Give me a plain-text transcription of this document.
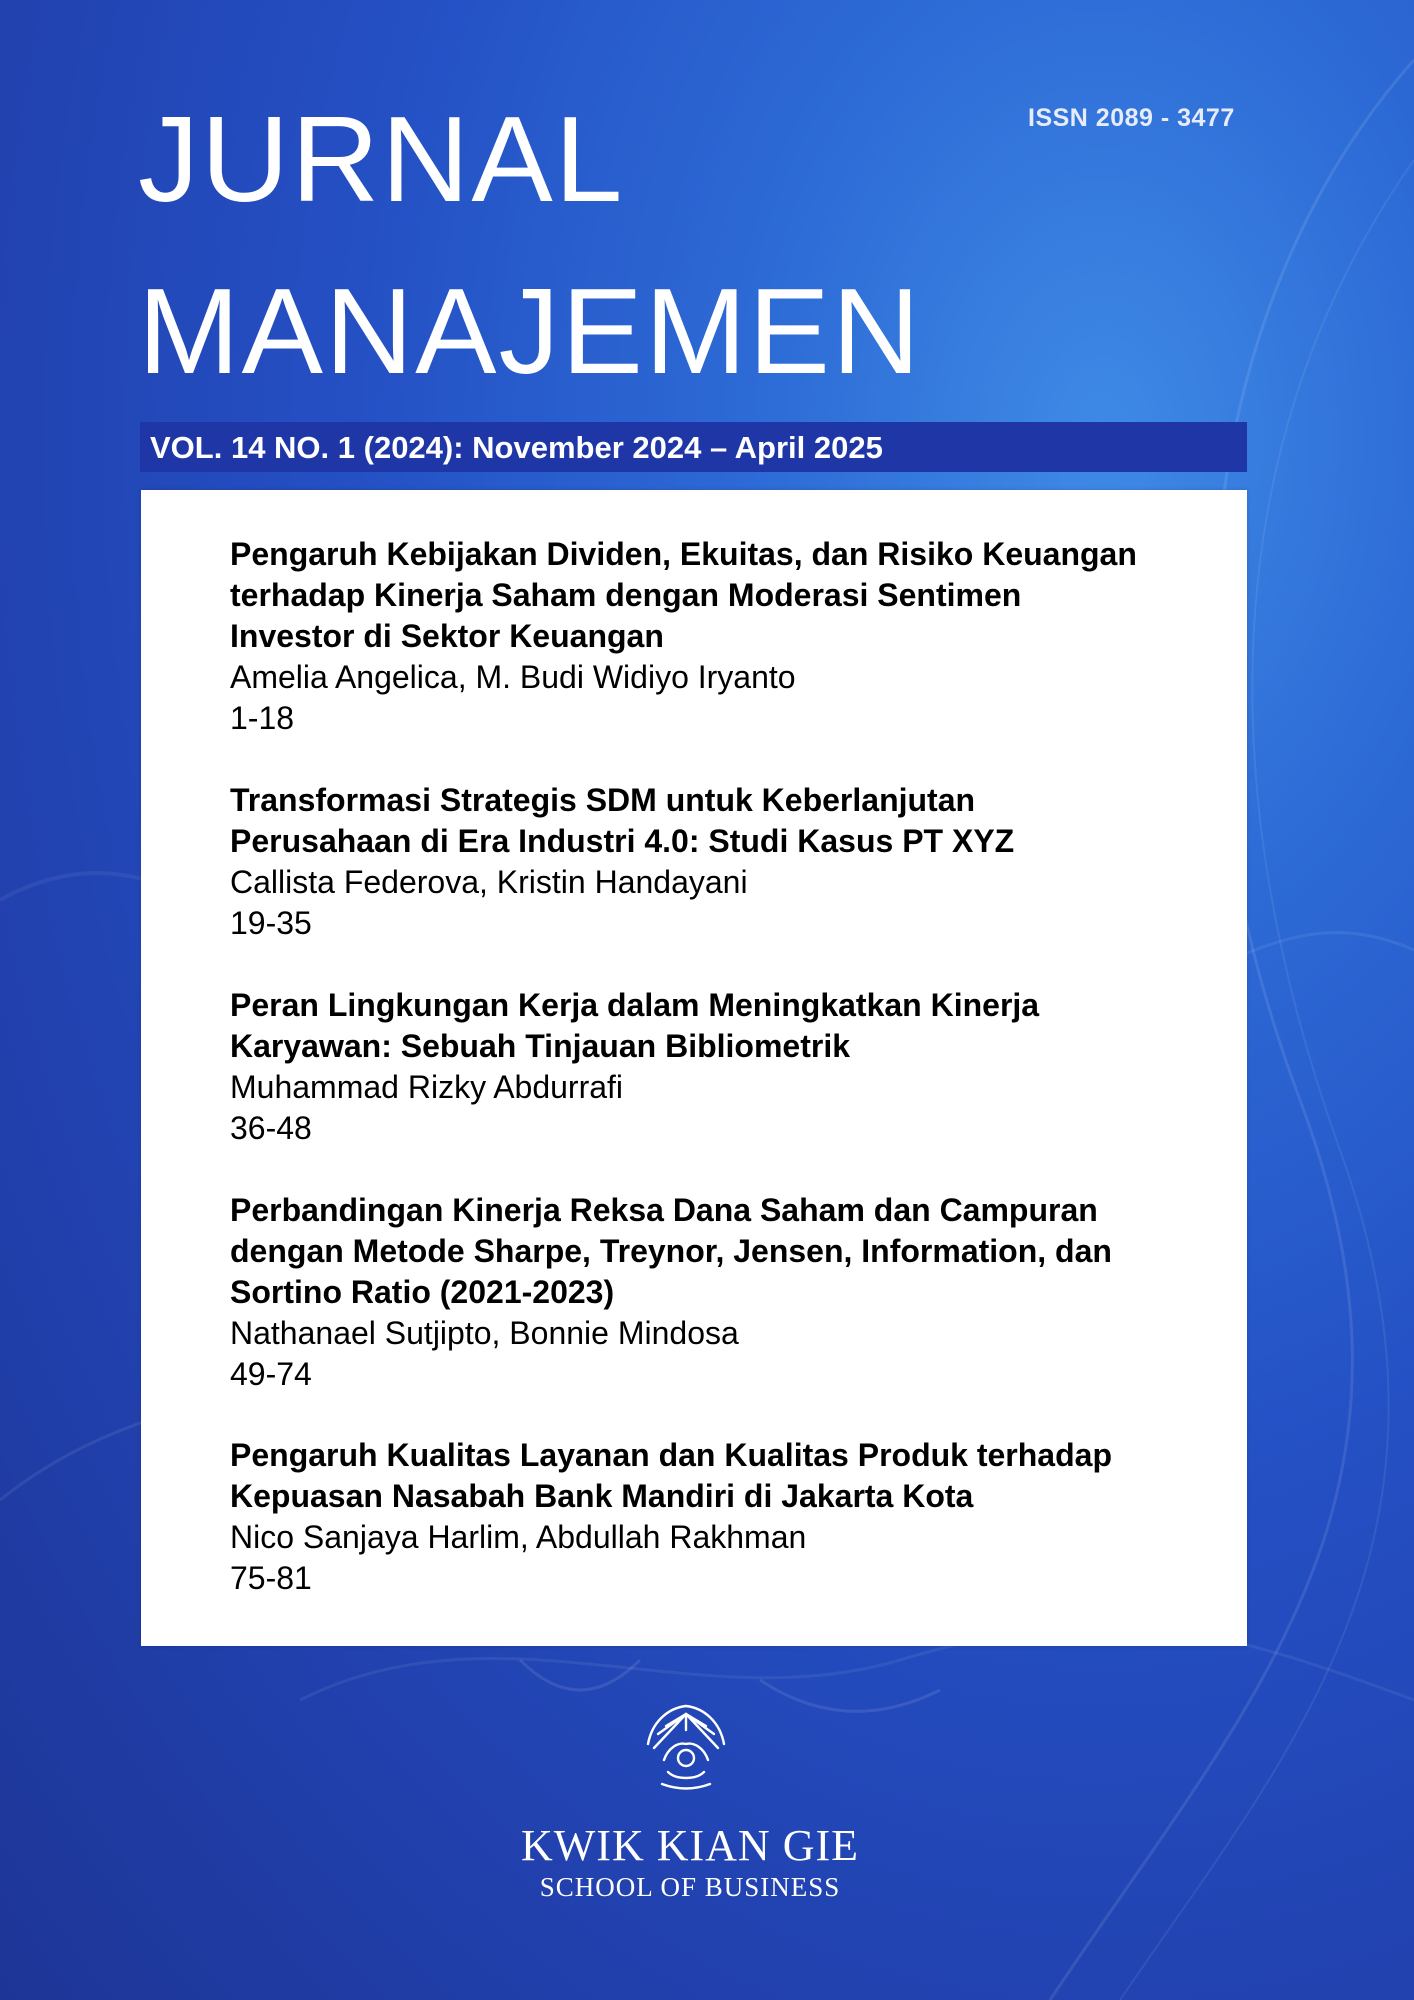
ISSN 2089 - 3477
JURNAL
MANAJEMEN
VOL. 14 NO. 1 (2024): November 2024 – April 2025
Pengaruh Kebijakan Dividen, Ekuitas, dan Risiko Keuangan
terhadap Kinerja Saham dengan Moderasi Sentimen
Investor di Sektor Keuangan
Amelia Angelica, M. Budi Widiyo Iryanto
1-18
Transformasi Strategis SDM untuk Keberlanjutan
Perusahaan di Era Industri 4.0: Studi Kasus PT XYZ
Callista Federova, Kristin Handayani
19-35
Peran Lingkungan Kerja dalam Meningkatkan Kinerja
Karyawan: Sebuah Tinjauan Bibliometrik
Muhammad Rizky Abdurrafi
36-48
Perbandingan Kinerja Reksa Dana Saham dan Campuran
dengan Metode Sharpe, Treynor, Jensen, Information, dan
Sortino Ratio (2021-2023)
Nathanael Sutjipto, Bonnie Mindosa
49-74
Pengaruh Kualitas Layanan dan Kualitas Produk terhadap
Kepuasan Nasabah Bank Mandiri di Jakarta Kota
Nico Sanjaya Harlim, Abdullah Rakhman
75-81
KWIK KIAN GIE
SCHOOL OF BUSINESS
